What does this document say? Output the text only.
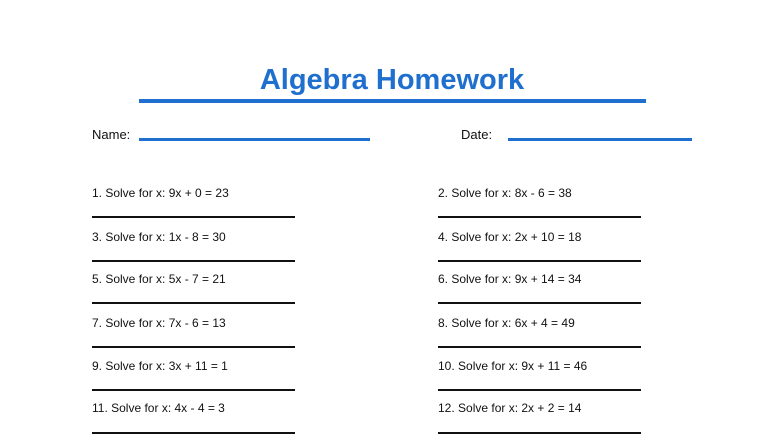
Algebra Homework
Name:	Date:
1. Solve for x: 9x + 0 = 23	2. Solve for x: 8x - 6 = 38
3. Solve for x: 1x - 8 = 30	4. Solve for x: 2x + 10 = 18
5. Solve for x: 5x - 7 = 21	6. Solve for x: 9x + 14 = 34
7. Solve for x: 7x - 6 = 13	8. Solve for x: 6x + 4 = 49
9. Solve for x: 3x + 11 = 1	10. Solve for x: 9x + 11 = 46
11. Solve for x: 4x - 4 = 3	12. Solve for x: 2x + 2 = 14
